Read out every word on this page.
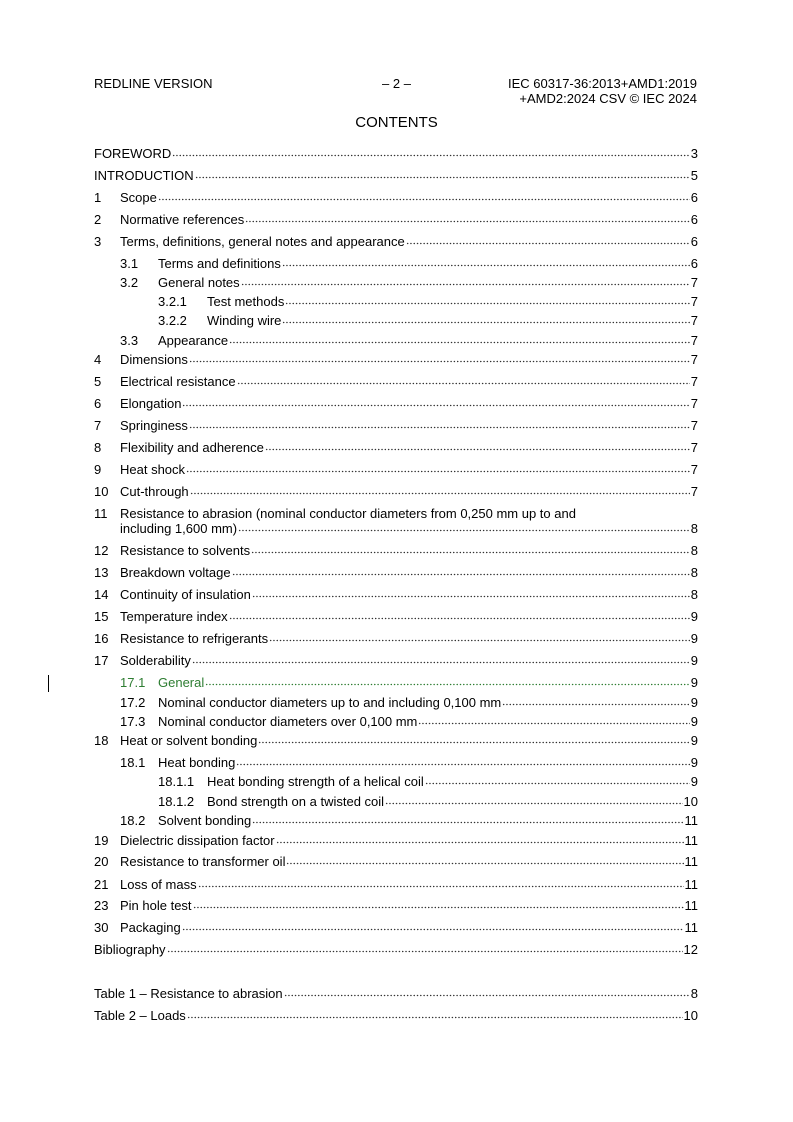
REDLINE VERSION	– 2 –	IEC 60317-36:2013+AMD1:2019
+AMD2:2024 CSV © IEC 2024
CONTENTS
FOREWORD	3
INTRODUCTION	5
1	Scope	6
2	Normative references	6
3	Terms, definitions, general notes and appearance	6
3.1	Terms and definitions	6
3.2	General notes	7
3.2.1	Test methods	7
3.2.2	Winding wire	7
3.3	Appearance	7
4	Dimensions	7
5	Electrical resistance	7
6	Elongation	7
7	Springiness	7
8	Flexibility and adherence	7
9	Heat shock	7
10 Cut-through	7
11 Resistance to abrasion (nominal conductor diameters from 0,250 mm up to and
including 1,600 mm)	8
12 Resistance to solvents	8
13 Breakdown voltage	8
14 Continuity of insulation	8
15 Temperature index	9
16 Resistance to refrigerants	9
17 Solderability	9
17.1 General	9
17.2 Nominal conductor diameters up to and including 0,100 mm	9
17.3 Nominal conductor diameters over 0,100 mm	9
18 Heat or solvent bonding	9
18.1 Heat bonding	9
18.1.1 Heat bonding strength of a helical coil	9
18.1.2 Bond strength on a twisted coil	10
18.2 Solvent bonding	11
19 Dielectric dissipation factor	11
20 Resistance to transformer oil	11
21 Loss of mass	11
23 Pin hole test	11
30 Packaging	11
Bibliography	12
Table 1 – Resistance to abrasion	8
Table 2 – Loads	10
